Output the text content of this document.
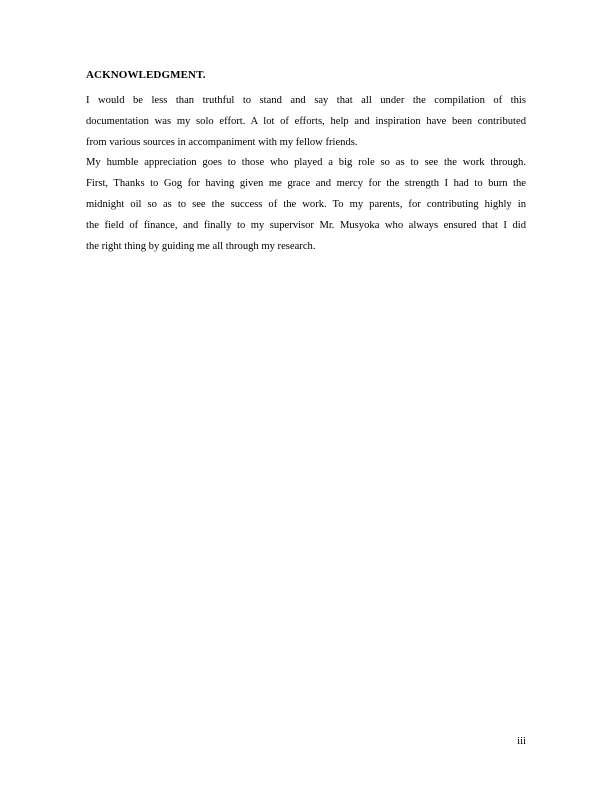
ACKNOWLEDGMENT.

I would be less than truthful to stand and say that all under the compilation of this
documentation was my solo effort. A lot of efforts, help and inspiration have been contributed
from various sources in accompaniment with my fellow friends.

My humble appreciation goes to those who played a big role so as to see the work through.
First, Thanks to Gog for having given me grace and mercy for the strength I had to burn the
midnight oil so as to see the success of the work. To my parents, for contributing highly in
the field of finance, and finally to my supervisor Mr. Musyoka who always ensured that I did
the right thing by guiding me all through my research.

iii
